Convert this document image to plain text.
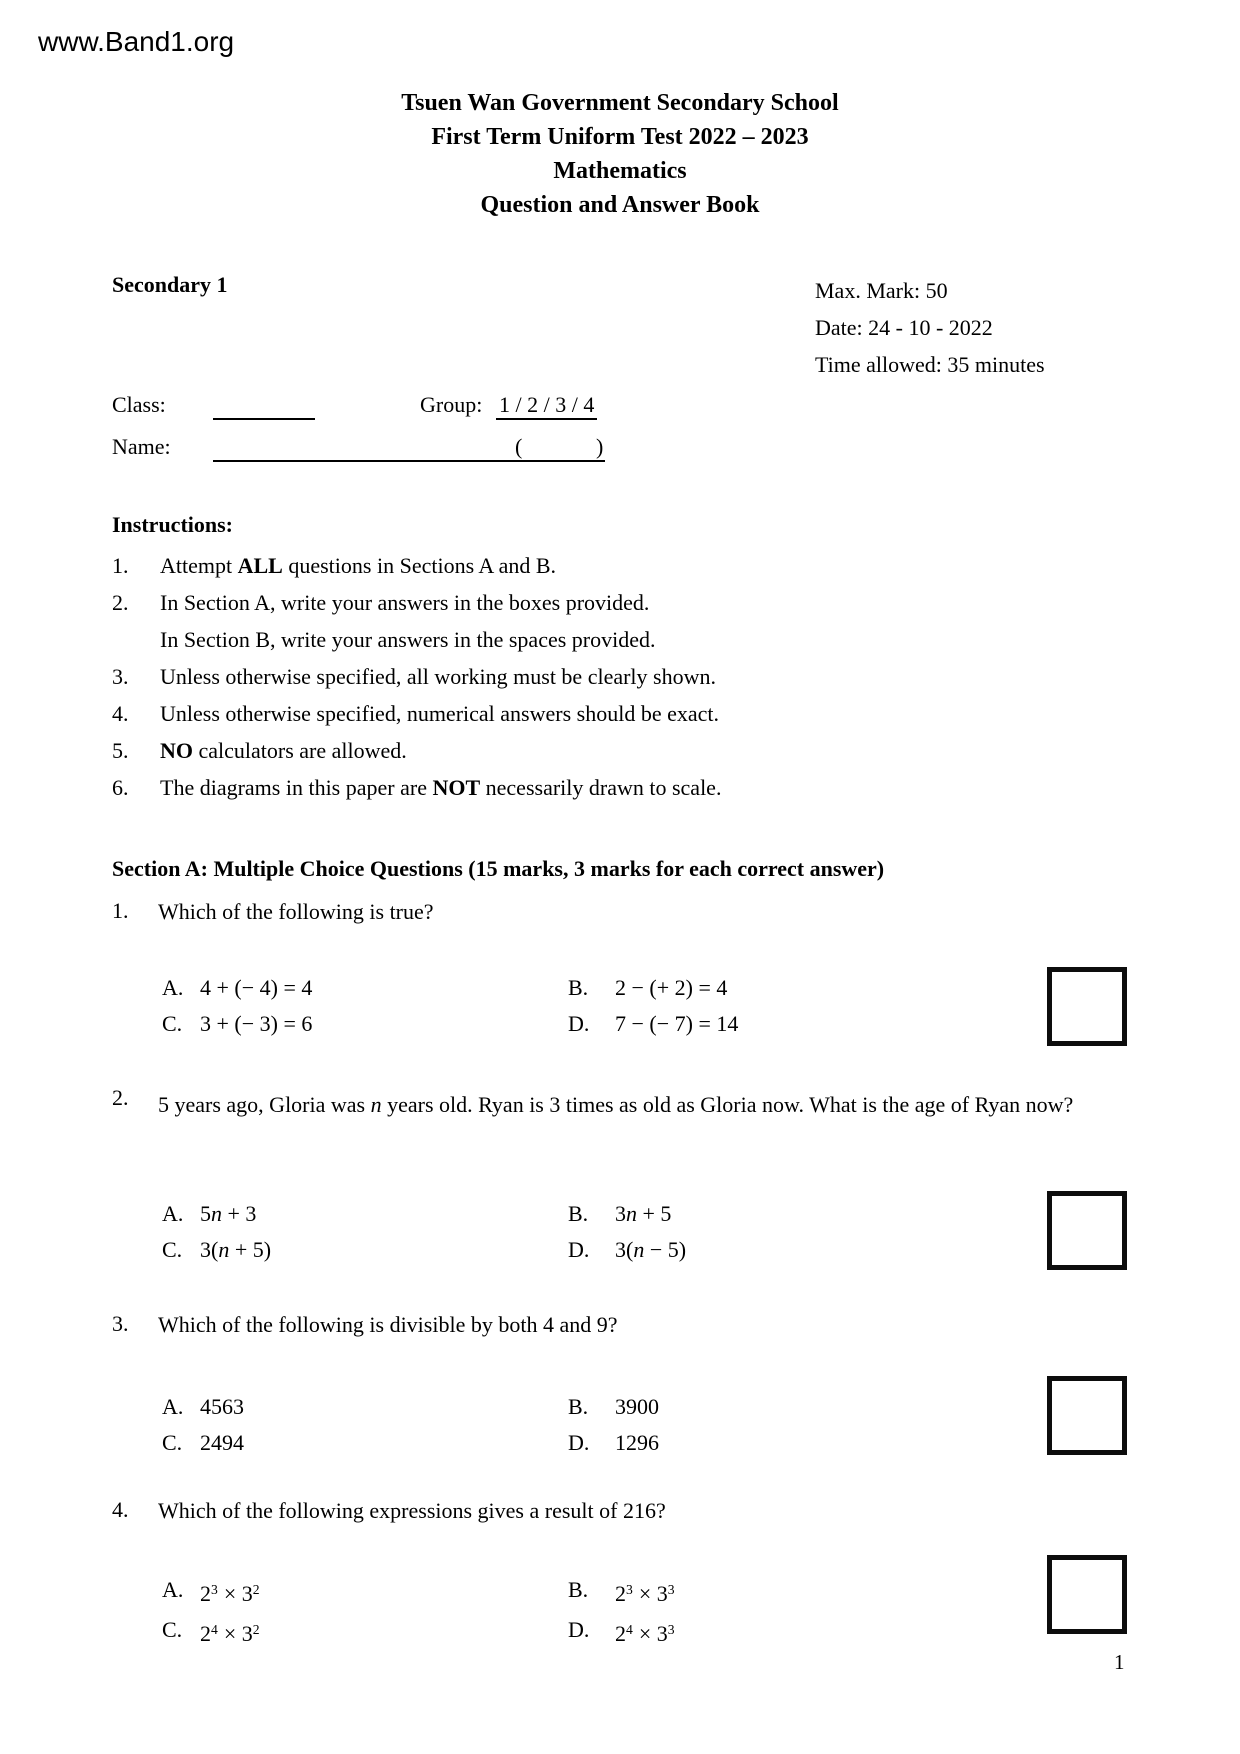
www.Band1.org
Tsuen Wan Government Secondary School
First Term Uniform Test 2022 – 2023
Mathematics
Question and Answer Book
Secondary 1	Max. Mark: 50
Date: 24 - 10 - 2022
Time allowed: 35 minutes
Class:	Group: 1 / 2 / 3 / 4
Name:	(	)
Instructions:
1.	Attempt ALL questions in Sections A and B.
2.	In Section A, write your answers in the boxes provided.
In Section B, write your answers in the spaces provided.
3.	Unless otherwise specified, all working must be clearly shown.
4.	Unless otherwise specified, numerical answers should be exact.
5.	NO calculators are allowed.
6.	The diagrams in this paper are NOT necessarily drawn to scale.
Section A: Multiple Choice Questions (15 marks, 3 marks for each correct answer)
1.	Which of the following is true?
A. 4 + (− 4) = 4	B.	2 − (+ 2) = 4
C. 3 + (− 3) = 6	D.	7 − (− 7) = 14
2.	5 years ago, Gloria was n years old. Ryan is 3 times as old as Gloria now. What is the age of Ryan now?
A. 5n + 3	B.	3n + 5
C. 3(n + 5)	D.	3(n − 5)
3.	Which of the following is divisible by both 4 and 9?
A. 4563	B.	3900
C. 2494	D.	1296
4.	Which of the following expressions gives a result of 216?
A. $2^3 \times 3^2$	B.	$2^3 \times 3^3$
C. $2^4 \times 3^2$	D.	$2^4 \times 3^3$
1
